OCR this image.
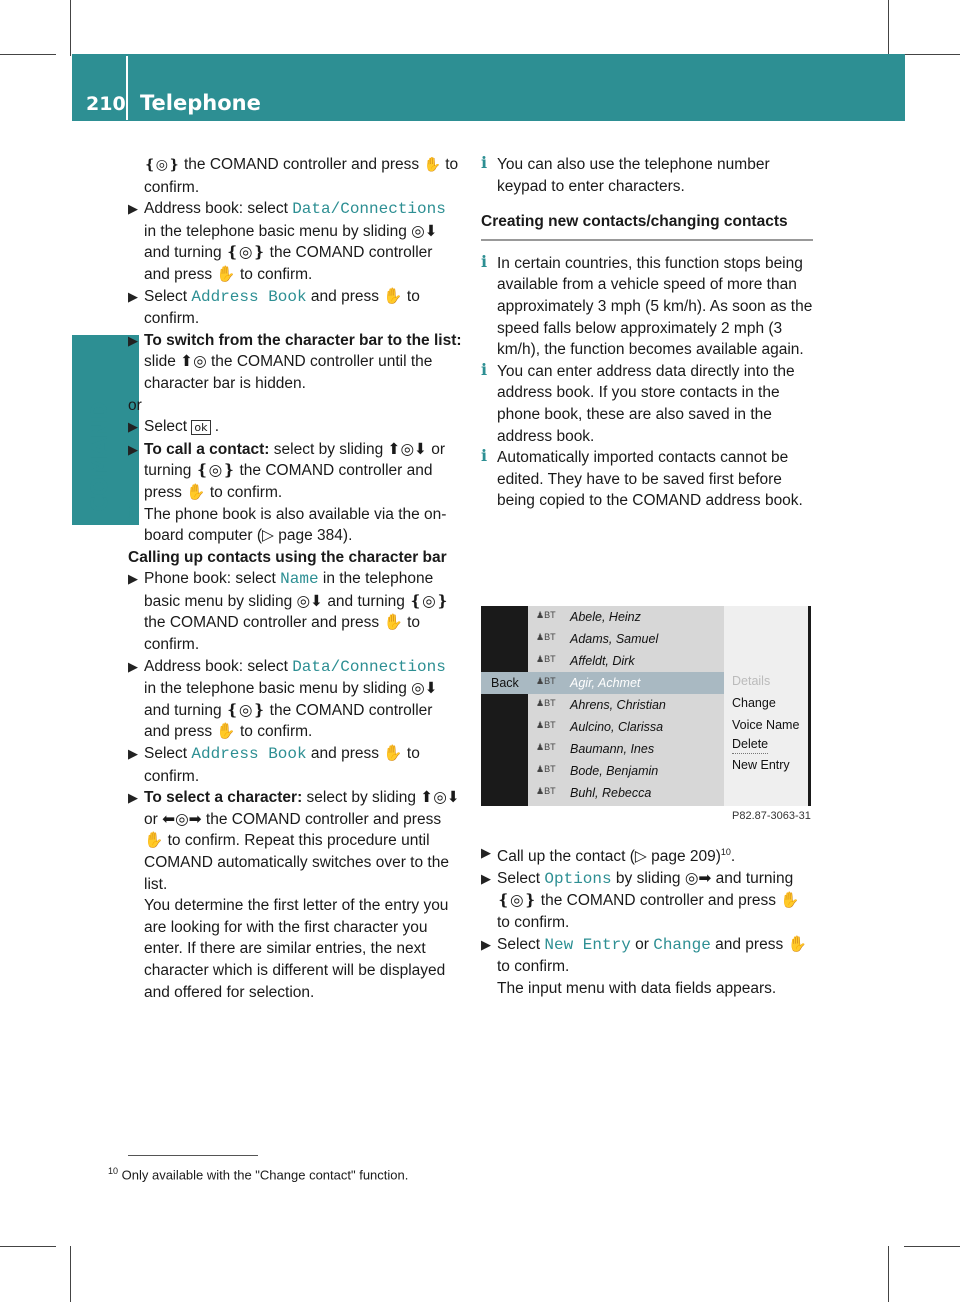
210 Telephone
COMAND

❴◎❵ the COMAND controller and press ✋ to confirm.

▶ Address book: select Data/Connections in the telephone basic menu by sliding ◎⬇ and turning ❴◎❵ the COMAND controller and press ✋ to confirm.

▶ Select Address Book and press ✋ to confirm.

▶ To switch from the character bar to the list: slide ⬆◎ the COMAND controller until the character bar is hidden.

or

▶ Select ok .

▶ To call a contact: select by sliding ⬆◎⬇ or turning ❴◎❵ the COMAND controller and press ✋ to confirm.

i The phone book is also available via the on-board computer (▷ page 384).

Calling up contacts using the character bar

▶ Phone book: select Name in the telephone basic menu by sliding ◎⬇ and turning ❴◎❵ the COMAND controller and press ✋ to confirm.

▶ Address book: select Data/Connections in the telephone basic menu by sliding ◎⬇ and turning ❴◎❵ the COMAND controller and press ✋ to confirm.

▶ Select Address Book and press ✋ to confirm.

▶ To select a character: select by sliding ⬆◎⬇ or ⬅◎➡ the COMAND controller and press ✋ to confirm. Repeat this procedure until COMAND automatically switches over to the list.

You determine the first letter of the entry you are looking for with the first character you enter. If there are similar entries, the next character which is different will be displayed and offered for selection.

i You can also use the telephone number keypad to enter characters.

Creating new contacts/changing contacts

i In certain countries, this function stops being available from a vehicle speed of more than approximately 3 mph (5 km/h). As soon as the speed falls below approximately 2 mph (3 km/h), the function becomes available again.

i You can enter address data directly into the address book. If you store contacts in the phone book, these are also saved in the address book.

i Automatically imported contacts cannot be edited. They have to be saved first before being copied to the COMAND address book.

Back
♟BT Abele, Heinz
♟BT Adams, Samuel
♟BT Affeldt, Dirk
♟BT Agir, Achmet
♟BT Ahrens, Christian
♟BT Aulcino, Clarissa
♟BT Baumann, Ines
♟BT Bode, Benjamin
♟BT Buhl, Rebecca
Details
Change
Voice Name
Delete
New Entry
P82.87-3063-31

▶ Call up the contact (▷ page 209)$^{10}$.

▶ Select Options by sliding ◎➡ and turning ❴◎❵ the COMAND controller and press ✋ to confirm.

▶ Select New Entry or Change and press ✋ to confirm.

The input menu with data fields appears.

$^{10}$ Only available with the "Change contact" function.
